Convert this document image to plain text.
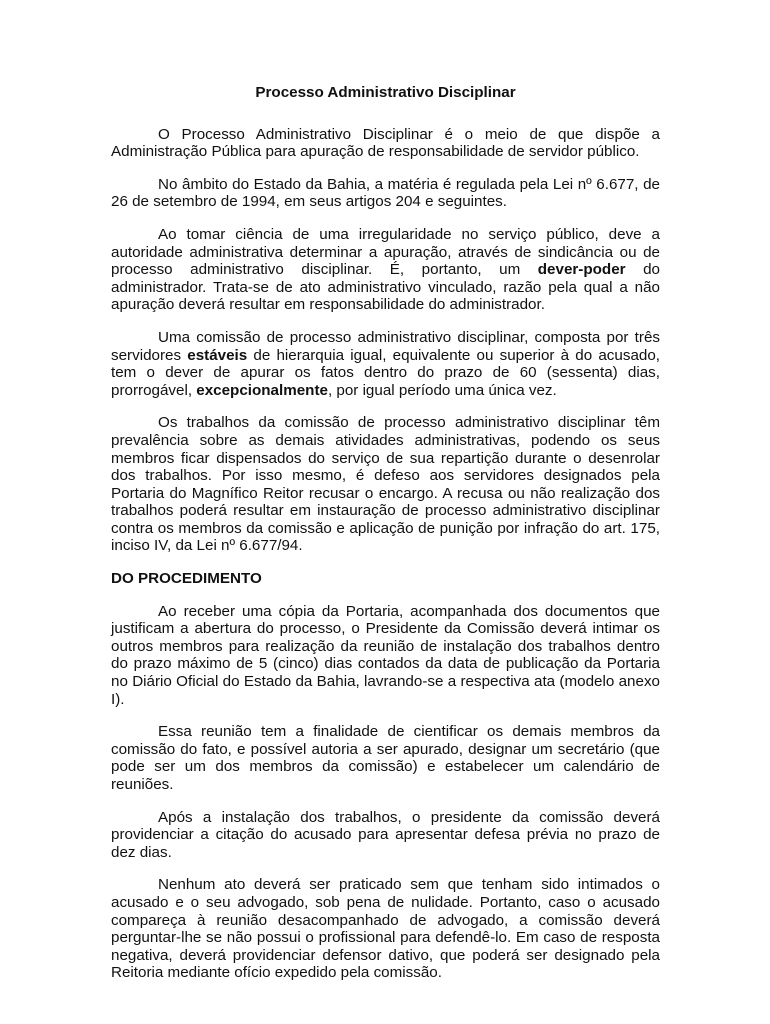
Processo Administrativo Disciplinar

O Processo Administrativo Disciplinar é o meio de que dispõe a Administração Pública para apuração de responsabilidade de servidor público.

No âmbito do Estado da Bahia, a matéria é regulada pela Lei nº 6.677, de 26 de setembro de 1994, em seus artigos 204 e seguintes.

Ao tomar ciência de uma irregularidade no serviço público, deve a autoridade administrativa determinar a apuração, através de sindicância ou de processo administrativo disciplinar. É, portanto, um dever-poder do administrador. Trata-se de ato administrativo vinculado, razão pela qual a não apuração deverá resultar em responsabilidade do administrador.

Uma comissão de processo administrativo disciplinar, composta por três servidores estáveis de hierarquia igual, equivalente ou superior à do acusado, tem o dever de apurar os fatos dentro do prazo de 60 (sessenta) dias, prorrogável, excepcionalmente, por igual período uma única vez.

Os trabalhos da comissão de processo administrativo disciplinar têm prevalência sobre as demais atividades administrativas, podendo os seus membros ficar dispensados do serviço de sua repartição durante o desenrolar dos trabalhos. Por isso mesmo, é defeso aos servidores designados pela Portaria do Magnífico Reitor recusar o encargo. A recusa ou não realização dos trabalhos poderá resultar em instauração de processo administrativo disciplinar contra os membros da comissão e aplicação de punição por infração do art. 175, inciso IV, da Lei nº 6.677/94.

DO PROCEDIMENTO

Ao receber uma cópia da Portaria, acompanhada dos documentos que justificam a abertura do processo, o Presidente da Comissão deverá intimar os outros membros para realização da reunião de instalação dos trabalhos dentro do prazo máximo de 5 (cinco) dias contados da data de publicação da Portaria no Diário Oficial do Estado da Bahia, lavrando-se a respectiva ata (modelo anexo I).

Essa reunião tem a finalidade de cientificar os demais membros da comissão do fato, e possível autoria a ser apurado, designar um secretário (que pode ser um dos membros da comissão) e estabelecer um calendário de reuniões.

Após a instalação dos trabalhos, o presidente da comissão deverá providenciar a citação do acusado para apresentar defesa prévia no prazo de dez dias.

Nenhum ato deverá ser praticado sem que tenham sido intimados o acusado e o seu advogado, sob pena de nulidade. Portanto, caso o acusado compareça à reunião desacompanhado de advogado, a comissão deverá perguntar-lhe se não possui o profissional para defendê-lo. Em caso de resposta negativa, deverá providenciar defensor dativo, que poderá ser designado pela Reitoria mediante ofício expedido pela comissão.
